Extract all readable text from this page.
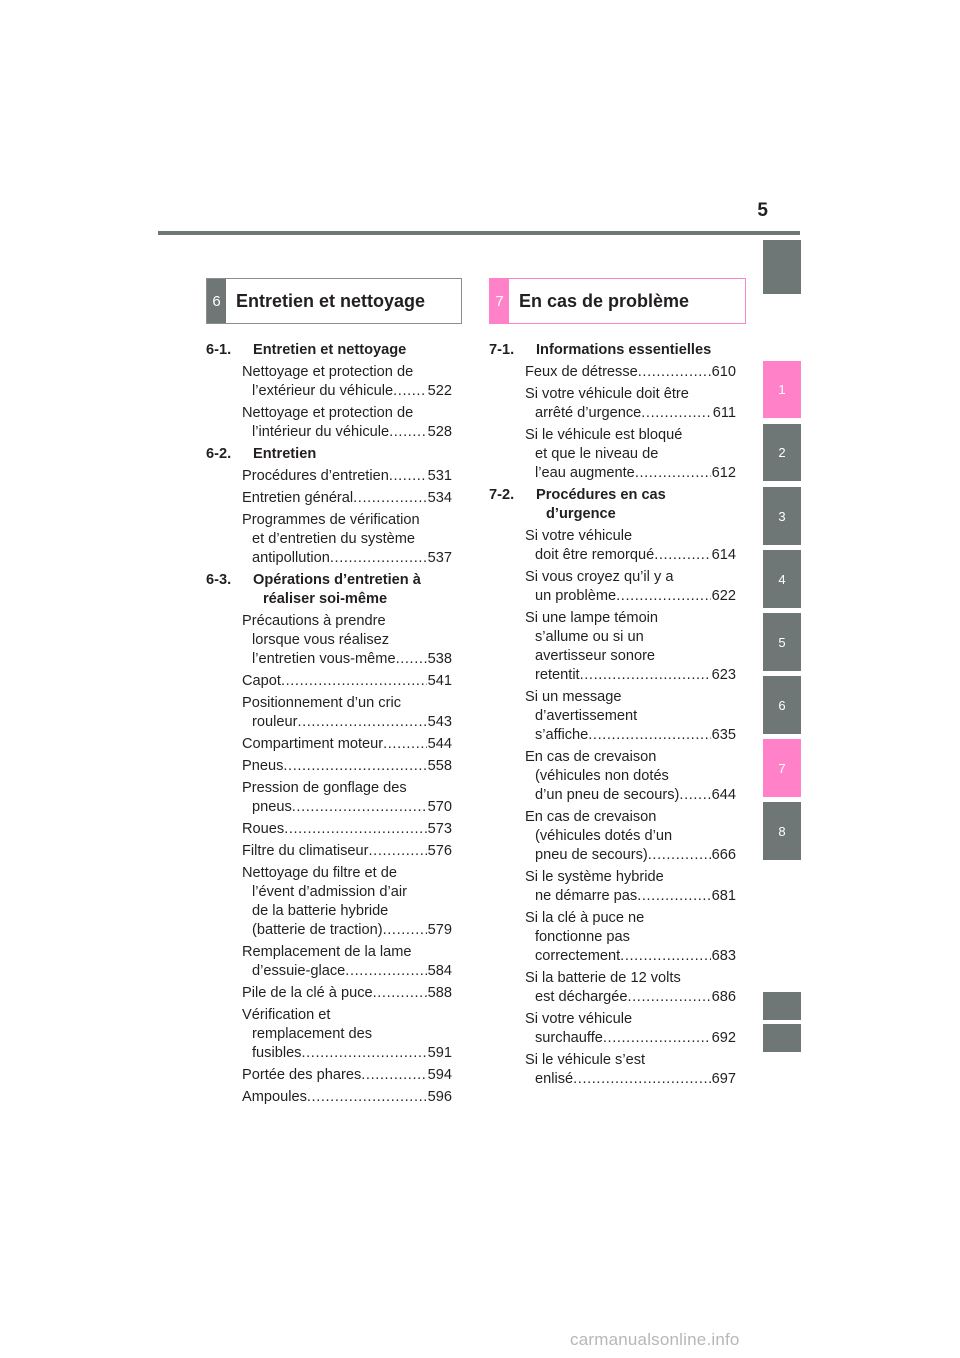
5
1
2
3
4
5
6
7
8
6 Entretien et nettoyage	7 En cas de problème
6-1. Entretien et nettoyage
Nettoyage et protection de
l’extérieur du véhicule ..... 522
Nettoyage et protection de
l’intérieur du véhicule .....	528
6-2. Entretien
Procédures d’entretien .....	531
Entretien général .....	534
Programmes de vérification
et d’entretien du système
antipollution .....	537
6-3. Opérations d’entretien à
réaliser soi-même
Précautions à prendre
lorsque vous réalisez
l’entretien vous-même ..... 538
Capot .....	541
Positionnement d’un cric
rouleur .....	543
Compartiment moteur .....	544
Pneus .....	558
Pression de gonflage des
pneus .....	570
Roues .....	573
Filtre du climatiseur .....	576
Nettoyage du filtre et de
l’évent d’admission d’air
de la batterie hybride
(batterie de traction) .....	579
Remplacement de la lame
d’essuie-glace .....	584
Pile de la clé à puce .....	588
Vérification et
remplacement des
fusibles .....	591
Portée des phares .....	594
Ampoules .....	596
7-1. Informations essentielles
Feux de détresse .....	610
Si votre véhicule doit être
arrêté d’urgence .....	611
Si le véhicule est bloqué
et que le niveau de
l’eau augmente .....	612
7-2. Procédures en cas
d’urgence
Si votre véhicule
doit être remorqué .....	614
Si vous croyez qu’il y a
un problème .....	622
Si une lampe témoin
s’allume ou si un
avertisseur sonore
retentit .....	623
Si un message
d’avertissement
s’affiche .....	635
En cas de crevaison
(véhicules non dotés
d’un pneu de secours) ..... 644
En cas de crevaison
(véhicules dotés d’un
pneu de secours) .....	666
Si le système hybride
ne démarre pas .....	681
Si la clé à puce ne
fonctionne pas
correctement .....	683
Si la batterie de 12 volts
est déchargée .....	686
Si votre véhicule
surchauffe .....	692
Si le véhicule s’est
enlisé .....	697
carmanualsonline.info
